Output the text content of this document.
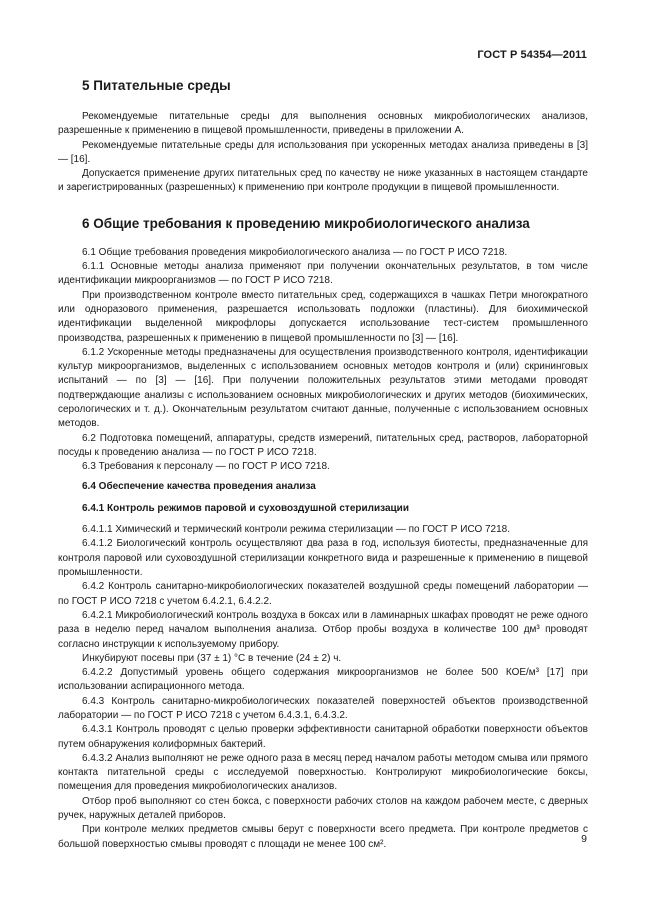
ГОСТ Р 54354—2011
5 Питательные среды

Рекомендуемые питательные среды для выполнения основных микробиологических анализов, разрешенные к применению в пищевой промышленности, приведены в приложении А.

Рекомендуемые питательные среды для использования при ускоренных методах анализа приведены в [3] — [16].

Допускается применение других питательных сред по качеству не ниже указанных в настоящем стандарте и зарегистрированных (разрешенных) к применению при контроле продукции в пищевой промышленности.

6 Общие требования к проведению микробиологического анализа

6.1 Общие требования проведения микробиологического анализа — по ГОСТ Р ИСО 7218.

6.1.1 Основные методы анализа применяют при получении окончательных результатов, в том числе идентификации микроорганизмов — по ГОСТ Р ИСО 7218.

При производственном контроле вместо питательных сред, содержащихся в чашках Петри многократного или одноразового применения, разрешается использовать подложки (пластины). Для биохимической идентификации выделенной микрофлоры допускается использование тест-систем промышленного производства, разрешенных к применению в пищевой промышленности по [3] — [16].

6.1.2 Ускоренные методы предназначены для осуществления производственного контроля, идентификации культур микроорганизмов, выделенных с использованием основных методов контроля и (или) скрининговых испытаний — по [3] — [16]. При получении положительных результатов этими методами проводят подтверждающие анализы с использованием основных микробиологических и других методов (биохимических, серологических и т. д.). Окончательным результатом считают данные, полученные с использованием основных методов.

6.2 Подготовка помещений, аппаратуры, средств измерений, питательных сред, растворов, лабораторной посуды к проведению анализа — по ГОСТ Р ИСО 7218.

6.3 Требования к персоналу — по ГОСТ Р ИСО 7218.

6.4 Обеспечение качества проведения анализа

6.4.1 Контроль режимов паровой и суховоздушной стерилизации

6.4.1.1 Химический и термический контроли режима стерилизации — по ГОСТ Р ИСО 7218.

6.4.1.2 Биологический контроль осуществляют два раза в год, используя биотесты, предназначенные для контроля паровой или суховоздушной стерилизации конкретного вида и разрешенные к применению в пищевой промышленности.

6.4.2 Контроль санитарно-микробиологических показателей воздушной среды помещений лаборатории — по ГОСТ Р ИСО 7218 с учетом 6.4.2.1, 6.4.2.2.

6.4.2.1 Микробиологический контроль воздуха в боксах или в ламинарных шкафах проводят не реже одного раза в неделю перед началом выполнения анализа. Отбор пробы воздуха в количестве 100 дм³ проводят согласно инструкции к используемому прибору.

Инкубируют посевы при (37 ± 1) °С в течение (24 ± 2) ч.

6.4.2.2 Допустимый уровень общего содержания микроорганизмов не более 500 КОЕ/м³ [17] при использовании аспирационного метода.

6.4.3 Контроль санитарно-микробиологических показателей поверхностей объектов производственной лаборатории — по ГОСТ Р ИСО 7218 с учетом 6.4.3.1, 6.4.3.2.

6.4.3.1 Контроль проводят с целью проверки эффективности санитарной обработки поверхности объектов путем обнаружения колиформных бактерий.

6.4.3.2 Анализ выполняют не реже одного раза в месяц перед началом работы методом смыва или прямого контакта питательной среды с исследуемой поверхностью. Контролируют микробиологические боксы, помещения для проведения микробиологических анализов.

Отбор проб выполняют со стен бокса, с поверхности рабочих столов на каждом рабочем месте, с дверных ручек, наружных деталей приборов.

При контроле мелких предметов смывы берут с поверхности всего предмета. При контроле предметов с большой поверхностью смывы проводят с площади не менее 100 см².	9
